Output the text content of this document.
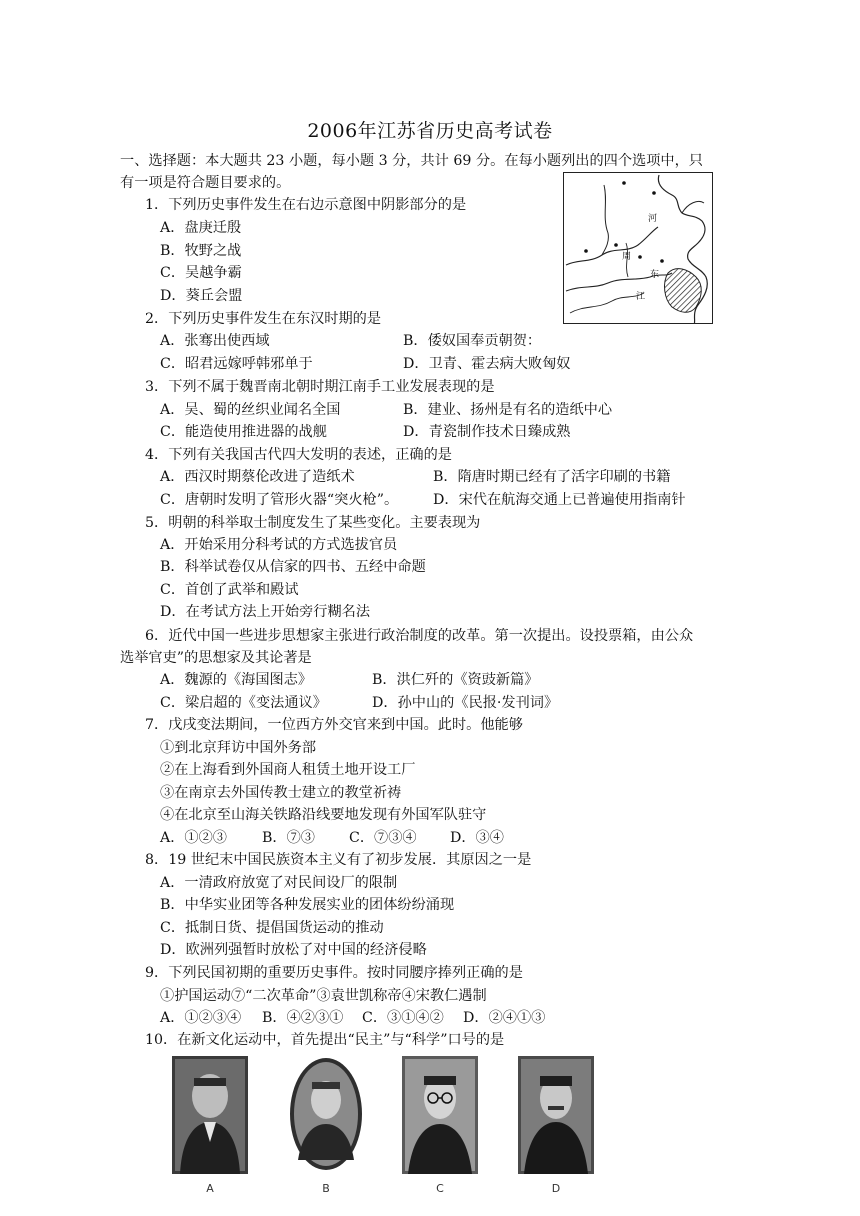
2006年江苏省历史高考试卷
一、选择题：本大题共 23 小题，每小题 3 分，共计 69 分。在每小题列出的四个选项中，只
有一项是符合题目要求的。
周
江
河
东
1．下列历史事件发生在右边示意图中阴影部分的是
A．盘庚迁殷
B．牧野之战
C．吴越争霸
D．葵丘会盟
2．下列历史事件发生在东汉时期的是
A．张骞出使西域	B．倭奴国奉贡朝贺：
C．昭君远嫁呼韩邪单于	D．卫青、霍去病大败匈奴
3．下列不属于魏晋南北朝时期江南手工业发展表现的是
A．吴、蜀的丝织业闻名全国	B．建业、扬州是有名的造纸中心
C．能造使用推进器的战舰	D．青瓷制作技术日臻成熟
4．下列有关我国古代四大发明的表述，正确的是
A．西汉时期蔡伦改进了造纸术	B．隋唐时期已经有了活字印刷的书籍
C．唐朝时发明了管形火器“突火枪”。 D．宋代在航海交通上已普遍使用指南针
5．明朝的科举取士制度发生了某些变化。主要表现为
A．开始采用分科考试的方式选拔官员
B．科举试卷仅从信家的四书、五经中命题
C．首创了武举和殿试
D．在考试方法上开始旁行糊名法
6．近代中国一些进步思想家主张进行政治制度的改革。第一次提出。设投票箱，由公众
选举官吏”的思想家及其论著是
A．魏源的《海国图志》	B．洪仁歼的《资豉新篇》
C．梁启超的《变法通议》	D．孙中山的《民报·发刊词》
7．戊戌变法期间，一位西方外交官来到中国。此时。他能够
①到北京拜访中国外务部
②在上海看到外国商人租赁土地开设工厂
③在南京去外国传教士建立的教堂祈祷
④在北京至山海关铁路沿线要地发现有外国军队驻守
A．①②③ B．⑦③ C．⑦③④ D．③④
8．19 世纪末中国民族资本主义有了初步发展．其原因之一是
A．一清政府放宽了对民间设厂的限制
B．中华实业团等各种发展实业的团体纷纷涌现
C．抵制日货、提倡国货运动的推动
D．欧洲列强暂时放松了对中国的经济侵略
9．下列民国初期的重要历史事件。按时同腰序捧列正确的是
①护国运动⑦“二次革命”③袁世凯称帝④宋教仁遇制
A．①②③④ B．④②③① C．③①④② D．②④①③
10．在新文化运动中，首先提出“民主”与“科学”口号的是
A	B	C	D
